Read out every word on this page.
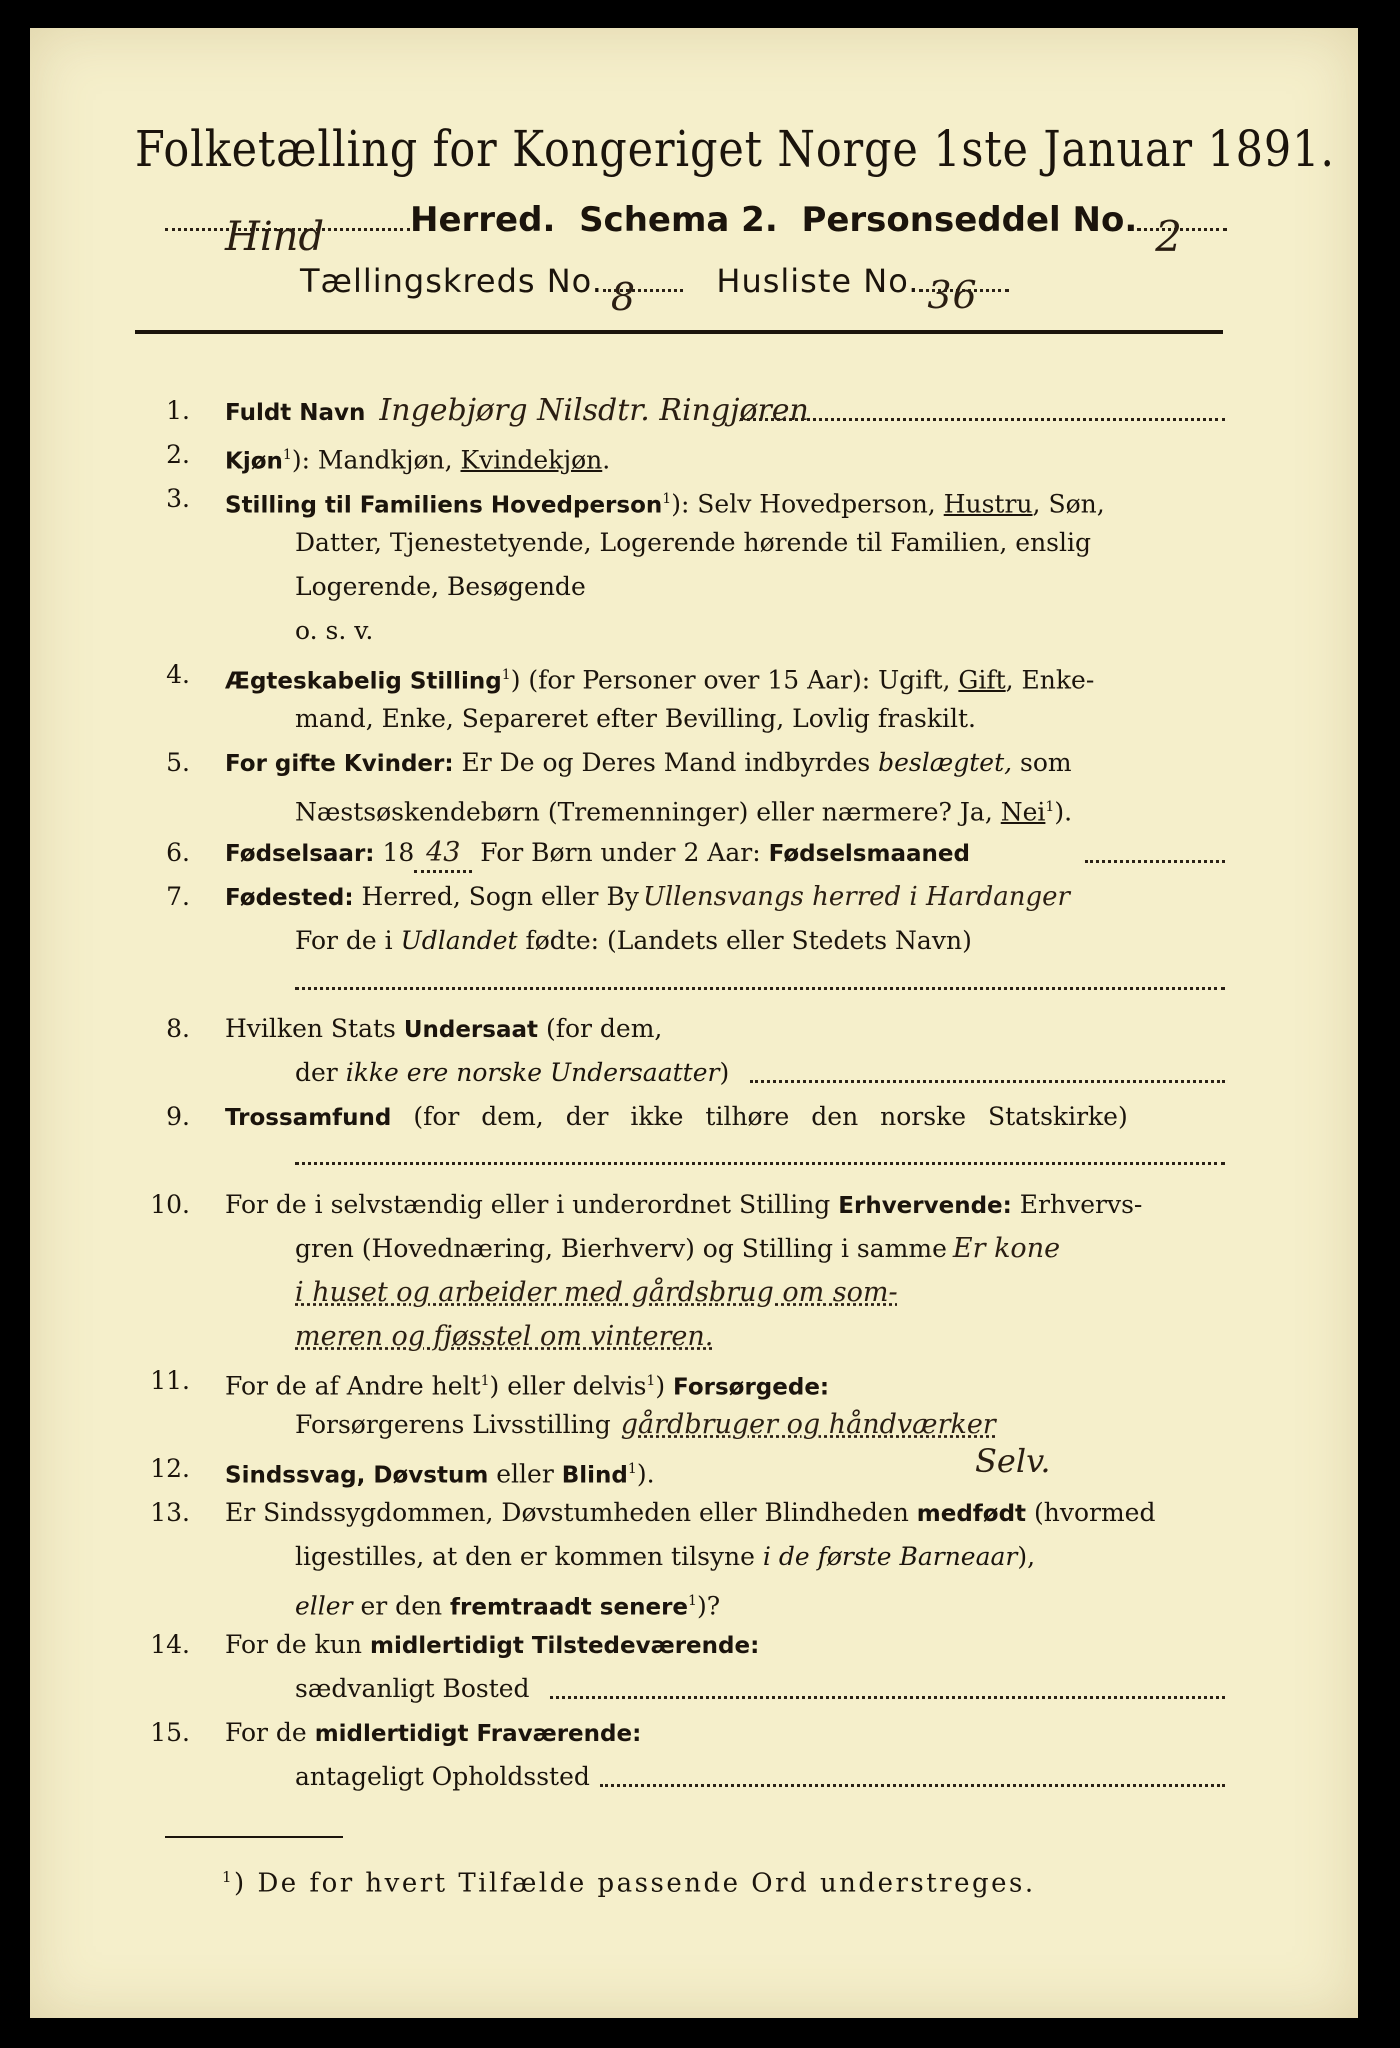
Folketælling for Kongeriget Norge 1ste Januar 1891.
Hind	Herred. Schema 2. Personseddel No. 2
Tællingskreds No. 8	Husliste No. 36
1. Fuldt Navn Ingebjørg Nilsdtr. Ringjøren
2. Kjøn$^1$): Mandkjøn, Kvindekjøn.
3. Stilling til Familiens Hovedperson$^1$): Selv Hovedperson, Hustru, Søn,
Datter, Tjenestetyende, Logerende hørende til Familien, enslig
Logerende, Besøgende
o. s. v.
4. Ægteskabelig Stilling$^1$) (for Personer over 15 Aar): Ugift, Gift, Enke-
mand, Enke, Separeret efter Bevilling, Lovlig fraskilt.
5. For gifte Kvinder: Er De og Deres Mand indbyrdes beslægtet, som
Næstsøskendebørn (Tremenninger) eller nærmere? Ja, Nei$^1$).
6. Fødselsaar: 18 43 For Børn under 2 Aar: Fødselsmaaned
7. Fødested: Herred, Sogn eller By Ullensvangs herred i Hardanger
For de i Udlandet fødte: (Landets eller Stedets Navn)
8. Hvilken Stats Undersaat (for dem,
der ikke ere norske Undersaatter)
9. Trossamfund (for dem, der ikke tilhøre den norske Statskirke)
10. For de i selvstændig eller i underordnet Stilling Erhvervende: Erhvervs-
gren (Hovednæring, Bierhverv) og Stilling i samme Er kone
i huset og arbeider med gårdsbrug om som-
meren og fjøsstel om vinteren.
11. For de af Andre helt$^1$) eller delvis$^1$) Forsørgede:
Forsørgerens Livsstilling gårdbruger og håndværker
12. Sindssvag, Døvstum eller Blind$^1$).	Selv.
13. Er Sindssygdommen, Døvstumheden eller Blindheden medfødt (hvormed
ligestilles, at den er kommen tilsyne i de første Barneaar),
eller er den fremtraadt senere$^1$)?
14. For de kun midlertidigt Tilstedeværende:
sædvanligt Bosted
15. For de midlertidigt Fraværende:
antageligt Opholdssted
$^1$) De for hvert Tilfælde passende Ord understreges.
